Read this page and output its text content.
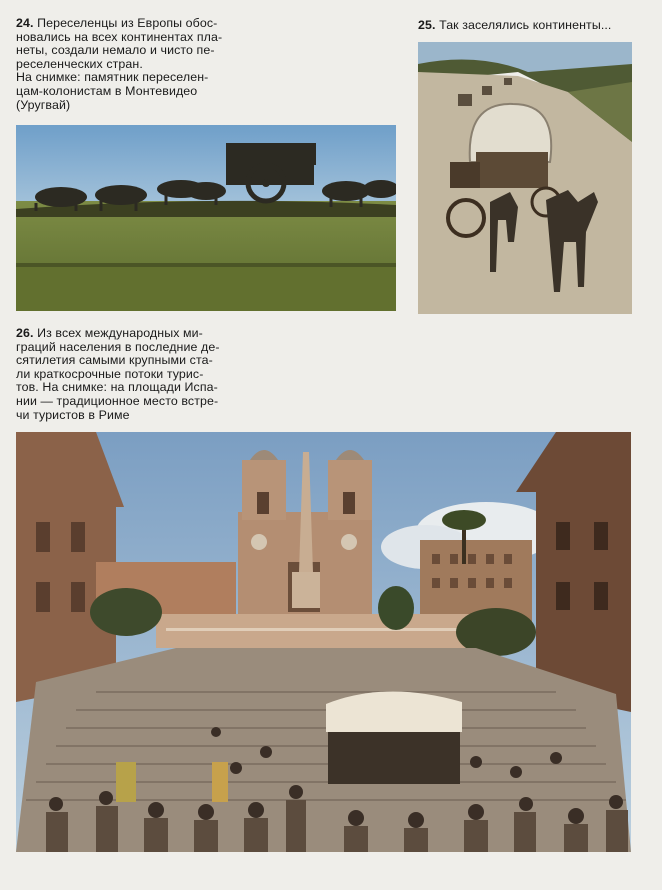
24. Переселенцы из Европы обос-
новались на всех континентах пла-
неты, создали немало и чисто пе-
реселенческих стран.
На снимке: памятник переселен-
цам-колонистам в Монтевидео
(Уругвай)
25. Так заселялись континенты...
26. Из всех международных ми-
граций населения в последние де-
сятилетия самыми крупными ста-
ли краткосрочные потоки турис-
тов. На снимке: на площади Испа-
нии — традиционное место встре-
чи туристов в Риме
